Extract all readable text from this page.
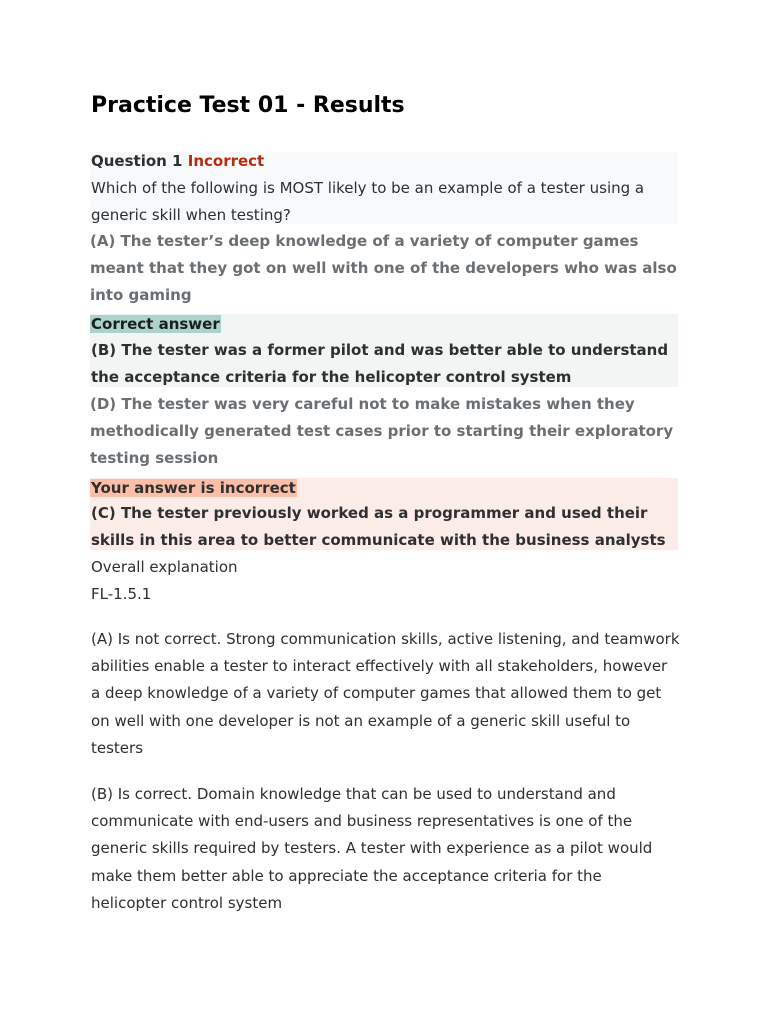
Practice Test 01 - Results
Question 1 Incorrect
Which of the following is MOST likely to be an example of a tester using a generic skill when testing?
(A) The tester’s deep knowledge of a variety of computer games meant that they got on well with one of the developers who was also into gaming
Correct answer
(B) The tester was a former pilot and was better able to understand the acceptance criteria for the helicopter control system
(D) The tester was very careful not to make mistakes when they methodically generated test cases prior to starting their exploratory testing session
Your answer is incorrect
(C) The tester previously worked as a programmer and used their skills in this area to better communicate with the business analysts
Overall explanation
FL-1.5.1

(A) Is not correct. Strong communication skills, active listening, and teamwork abilities enable a tester to interact effectively with all stakeholders, however a deep knowledge of a variety of computer games that allowed them to get on well with one developer is not an example of a generic skill useful to testers

(B) Is correct. Domain knowledge that can be used to understand and communicate with end-users and business representatives is one of the generic skills required by testers. A tester with experience as a pilot would make them better able to appreciate the acceptance criteria for the helicopter control system
